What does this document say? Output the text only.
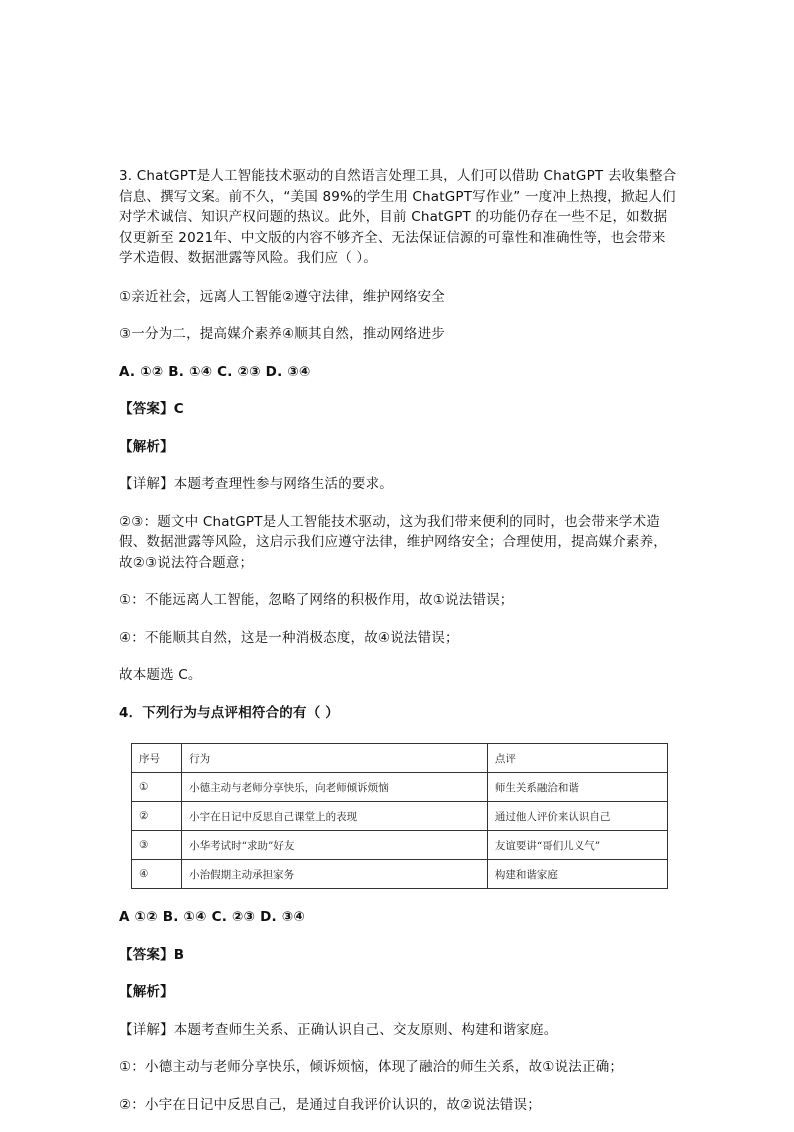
3. ChatGPT是人工智能技术驱动的自然语言处理工具，人们可以借助 ChatGPT 去收集整合信息、撰写文案。前不久，“美国 89%的学生用 ChatGPT写作业” 一度冲上热搜，掀起人们对学术诚信、知识产权问题的热议。此外，目前 ChatGPT 的功能仍存在一些不足，如数据仅更新至 2021年、中文版的内容不够齐全、无法保证信源的可靠性和准确性等，也会带来学术造假、数据泄露等风险。我们应（ ）。

①亲近社会，远离人工智能②遵守法律，维护网络安全

③一分为二，提高媒介素养④顺其自然，推动网络进步

A. ①② B. ①④ C. ②③ D. ③④

【答案】C

【解析】

【详解】本题考查理性参与网络生活的要求。

②③：题文中 ChatGPT是人工智能技术驱动，这为我们带来便利的同时，也会带来学术造假、数据泄露等风险，这启示我们应遵守法律，维护网络安全；合理使用，提高媒介素养，故②③说法符合题意；

①：不能远离人工智能，忽略了网络的积极作用，故①说法错误；

④：不能顺其自然，这是一种消极态度，故④说法错误；

故本题选 C。

4．下列行为与点评相符合的有（ ）

序号	行为	点评
①	小德主动与老师分享快乐，向老师倾诉烦恼	师生关系融洽和谐
②	小宇在日记中反思自己课堂上的表现	通过他人评价来认识自己
③	小华考试时“求助”好友	友谊要讲“哥们儿义气”
④	小治假期主动承担家务	构建和谐家庭

A ①② B. ①④ C. ②③ D. ③④

【答案】B

【解析】

【详解】本题考查师生关系、正确认识自己、交友原则、构建和谐家庭。

①：小德主动与老师分享快乐，倾诉烦恼，体现了融洽的师生关系，故①说法正确；

②：小宇在日记中反思自己，是通过自我评价认识的，故②说法错误；
